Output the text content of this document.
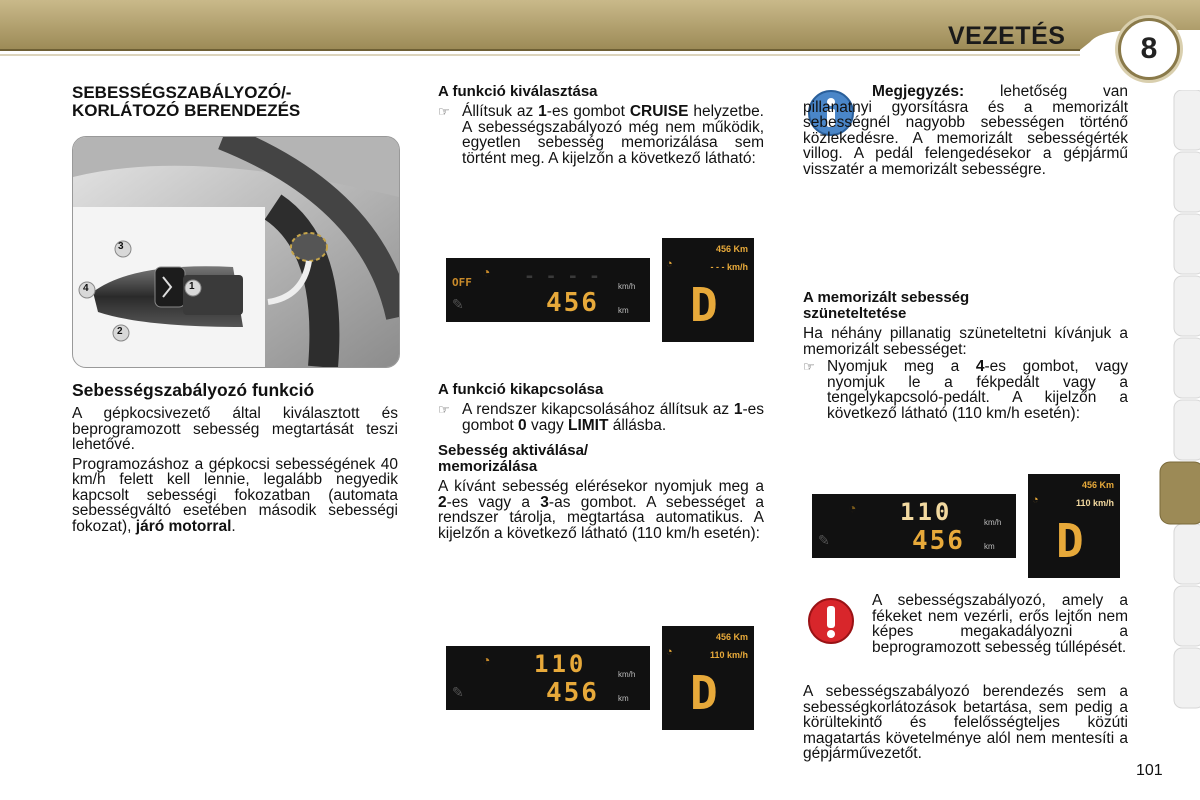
VEZETÉS	8
SEBESSÉGSZABÁLYOZÓ/-
KORLÁTOZÓ BERENDEZÉS
3
4	1
2
Sebességszabályozó funkció

A gépkocsivezető által kiválasztott és beprogramozott sebesség megtartását teszi lehetővé.

Programozáshoz a gépkocsi sebességének 40 km/h felett kell lennie, legalább negyedik kapcsolt sebességi fokozatban (automata sebességváltó esetében második sebességi fokozat), járó motorral.

A funkció kiválasztása
☞ Állítsuk az 1-es gombot CRUISE helyzetbe. A sebességszabályozó még nem működik, egyetlen sebesség memorizálása sem történt meg. A kijelzőn a következő látható:
A funkció kikapcsolása
☞ A rendszer kikapcsolásához állítsuk az 1-es gombot 0 vagy LIMIT állásba.
Sebesség aktiválása/
memorizálása

A kívánt sebesség elérésekor nyomjuk meg a 2-es vagy a 3-as gombot. A sebességet a rendszer tárolja, megtartása automatikus. A kijelzőn a következő látható (110 km/h esetén):

OFF
◔ - - - -
456
km/h
km
✎
456 Km
- - - km/h
◔
D
◔ 110
456
km/h
km
✎
456 Km
110 km/h
◔
D

Megjegyzés: lehetőség van pillanatnyi gyorsításra és a memorizált sebességnél nagyobb sebességen történő közlekedésre. A memorizált sebességérték villog. A pedál felengedésekor a gépjármű visszatér a memorizált sebességre.

A memorizált sebesség
szüneteltetése

Ha néhány pillanatig szüneteltetni kívánjuk a memorizált sebességet:

☞ Nyomjuk meg a 4-es gombot, vagy nyomjuk le a fékpedált vagy a tengelykapcsoló-pedált. A kijelzőn a következő látható (110 km/h esetén):
◔ 110
456
km/h
km
✎
456 Km
110 km/h
◔
D

A sebességszabályozó, amely a fékeket nem vezérli, erős lejtőn nem képes megakadályozni a beprogramozott sebesség túllépését.

A sebességszabályozó berendezés sem a sebességkorlátozások betartása, sem pedig a körültekintő és felelősségteljes közúti magatartás követelménye alól nem mentesíti a gépjárművezetőt.

101
